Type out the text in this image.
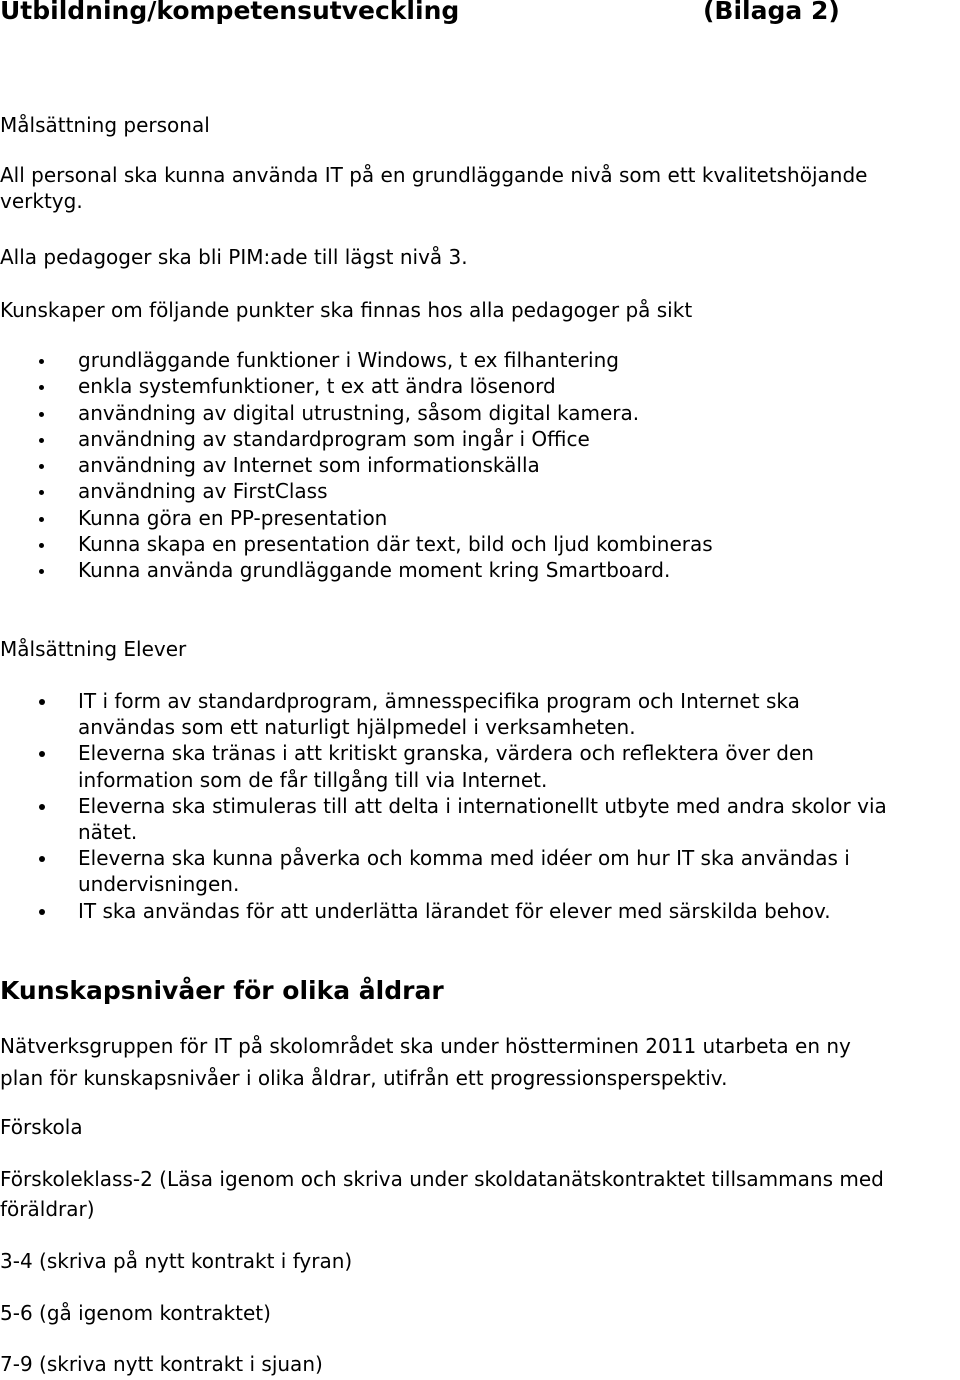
Utbildning/kompetensutveckling	(Bilaga 2)
Målsättning personal
All personal ska kunna använda IT på en grundläggande nivå som ett kvalitetshöjande
verktyg.
Alla pedagoger ska bli PIM:ade till lägst nivå 3.
Kunskaper om följande punkter ska finnas hos alla pedagoger på sikt
grundläggande funktioner i Windows, t ex filhantering
enkla systemfunktioner, t ex att ändra lösenord
användning av digital utrustning, såsom digital kamera.
användning av standardprogram som ingår i Office
användning av Internet som informationskälla
användning av FirstClass
Kunna göra en PP-presentation
Kunna skapa en presentation där text, bild och ljud kombineras
Kunna använda grundläggande moment kring Smartboard.
Målsättning Elever
IT i form av standardprogram, ämnesspecifika program och Internet ska
användas som ett naturligt hjälpmedel i verksamheten.
Eleverna ska tränas i att kritiskt granska, värdera och reflektera över den
information som de får tillgång till via Internet.
Eleverna ska stimuleras till att delta i internationellt utbyte med andra skolor via
nätet.
Eleverna ska kunna påverka och komma med idéer om hur IT ska användas i
undervisningen.
IT ska användas för att underlätta lärandet för elever med särskilda behov.
Kunskapsnivåer för olika åldrar
Nätverksgruppen för IT på skolområdet ska under höstterminen 2011 utarbeta en ny
plan för kunskapsnivåer i olika åldrar, utifrån ett progressionsperspektiv.
Förskola
Förskoleklass-2 (Läsa igenom och skriva under skoldatanätskontraktet tillsammans med
föräldrar)
3-4 (skriva på nytt kontrakt i fyran)
5-6 (gå igenom kontraktet)
7-9 (skriva nytt kontrakt i sjuan)
